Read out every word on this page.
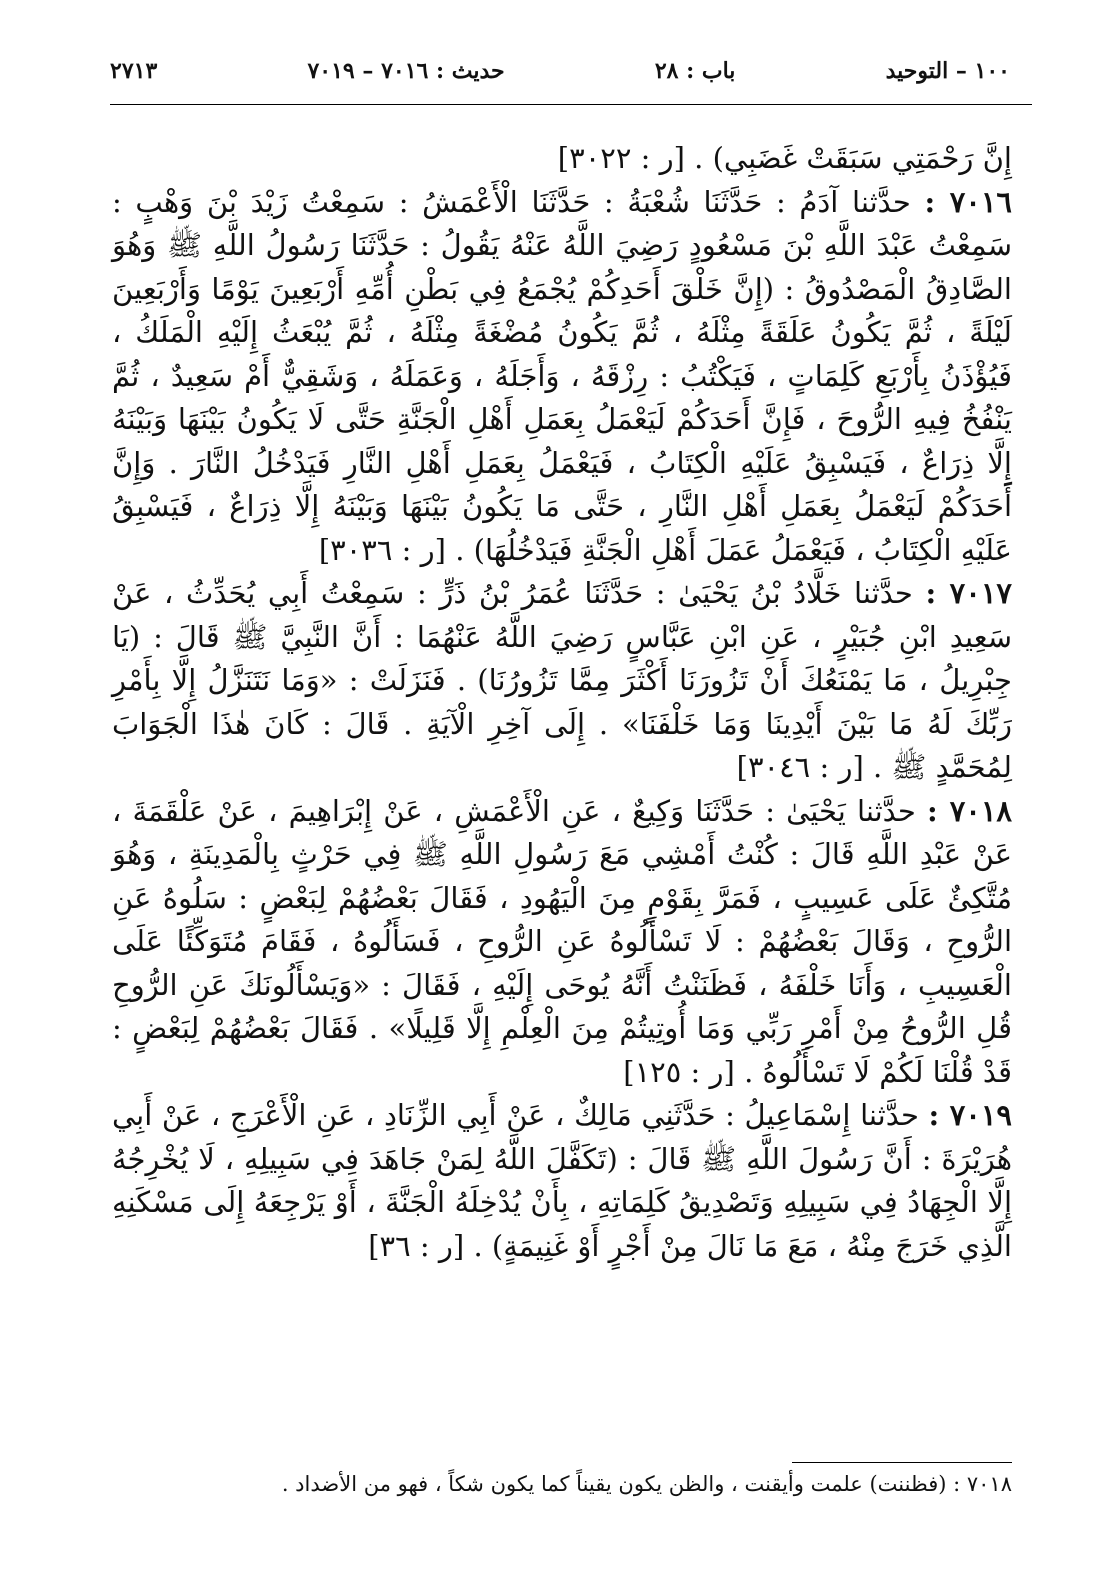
١٠٠ – التوحيد
باب : ٢٨
حديث : ٧٠١٦ – ٧٠١٩
٢٧١٣

إِنَّ رَحْمَتِي سَبَقَتْ غَضَبِي) . [ر : ٣٠٢٢]

٧٠١٦ : حدَّثنا آدَمُ : حَدَّثَنَا شُعْبَةُ : حَدَّثَنَا الْأَعْمَشُ : سَمِعْتُ زَيْدَ بْنَ وَهْبٍ : سَمِعْتُ عَبْدَ اللَّهِ بْنَ مَسْعُودٍ رَضِيَ اللَّهُ عَنْهُ يَقُولُ : حَدَّثَنَا رَسُولُ اللَّهِ ﷺ وَهُوَ الصَّادِقُ الْمَصْدُوقُ : (إِنَّ خَلْقَ أَحَدِكُمْ يُجْمَعُ فِي بَطْنِ أُمِّهِ أَرْبَعِينَ يَوْمًا وَأَرْبَعِينَ لَيْلَةً ، ثُمَّ يَكُونُ عَلَقَةً مِثْلَهُ ، ثُمَّ يَكُونُ مُضْغَةً مِثْلَهُ ، ثُمَّ يُبْعَثُ إِلَيْهِ الْمَلَكُ ، فَيُؤْذَنُ بِأَرْبَعِ كَلِمَاتٍ ، فَيَكْتُبُ : رِزْقَهُ ، وَأَجَلَهُ ، وَعَمَلَهُ ، وَشَقِيٌّ أَمْ سَعِيدٌ ، ثُمَّ يَنْفُخُ فِيهِ الرُّوحَ ، فَإِنَّ أَحَدَكُمْ لَيَعْمَلُ بِعَمَلِ أَهْلِ الْجَنَّةِ حَتَّى لَا يَكُونُ بَيْنَهَا وَبَيْنَهُ إِلَّا ذِرَاعٌ ، فَيَسْبِقُ عَلَيْهِ الْكِتَابُ ، فَيَعْمَلُ بِعَمَلِ أَهْلِ النَّارِ فَيَدْخُلُ النَّارَ . وَإِنَّ أَحَدَكُمْ لَيَعْمَلُ بِعَمَلِ أَهْلِ النَّارِ ، حَتَّى مَا يَكُونُ بَيْنَهَا وَبَيْنَهُ إِلَّا ذِرَاعٌ ، فَيَسْبِقُ عَلَيْهِ الْكِتَابُ ، فَيَعْمَلُ عَمَلَ أَهْلِ الْجَنَّةِ فَيَدْخُلُهَا) . [ر : ٣٠٣٦]

٧٠١٧ : حدَّثنا خَلَّادُ بْنُ يَحْيَىٰ : حَدَّثَنَا عُمَرُ بْنُ ذَرٍّ : سَمِعْتُ أَبِي يُحَدِّثُ ، عَنْ سَعِيدِ ابْنِ جُبَيْرٍ ، عَنِ ابْنِ عَبَّاسٍ رَضِيَ اللَّهُ عَنْهُمَا : أَنَّ النَّبِيَّ ﷺ قَالَ : (يَا جِبْرِيلُ ، مَا يَمْنَعُكَ أَنْ تَزُورَنَا أَكْثَرَ مِمَّا تَزُورُنَا) . فَنَزَلَتْ : «وَمَا نَتَنَزَّلُ إِلَّا بِأَمْرِ رَبِّكَ لَهُ مَا بَيْنَ أَيْدِينَا وَمَا خَلْفَنَا» . إِلَى آخِرِ الْآيَةِ . قَالَ : كَانَ هٰذَا الْجَوَابَ لِمُحَمَّدٍ ﷺ . [ر : ٣٠٤٦]

٧٠١٨ : حدَّثنا يَحْيَىٰ : حَدَّثَنَا وَكِيعٌ ، عَنِ الْأَعْمَشِ ، عَنْ إِبْرَاهِيمَ ، عَنْ عَلْقَمَةَ ، عَنْ عَبْدِ اللَّهِ قَالَ : كُنْتُ أَمْشِي مَعَ رَسُولِ اللَّهِ ﷺ فِي حَرْثٍ بِالْمَدِينَةِ ، وَهُوَ مُتَّكِئٌ عَلَى عَسِيبٍ ، فَمَرَّ بِقَوْمٍ مِنَ الْيَهُودِ ، فَقَالَ بَعْضُهُمْ لِبَعْضٍ : سَلُوهُ عَنِ الرُّوحِ ، وَقَالَ بَعْضُهُمْ : لَا تَسْأَلُوهُ عَنِ الرُّوحِ ، فَسَأَلُوهُ ، فَقَامَ مُتَوَكِّئًا عَلَى الْعَسِيبِ ، وَأَنَا خَلْفَهُ ، فَظَنَنْتُ أَنَّهُ يُوحَى إِلَيْهِ ، فَقَالَ : «وَيَسْأَلُونَكَ عَنِ الرُّوحِ قُلِ الرُّوحُ مِنْ أَمْرِ رَبِّي وَمَا أُوتِيتُمْ مِنَ الْعِلْمِ إِلَّا قَلِيلًا» . فَقَالَ بَعْضُهُمْ لِبَعْضٍ : قَدْ قُلْنَا لَكُمْ لَا تَسْأَلُوهُ . [ر : ١٢٥]

٧٠١٩ : حدَّثنا إِسْمَاعِيلُ : حَدَّثَنِي مَالِكٌ ، عَنْ أَبِي الزِّنَادِ ، عَنِ الْأَعْرَجِ ، عَنْ أَبِي هُرَيْرَةَ : أَنَّ رَسُولَ اللَّهِ ﷺ قَالَ : (تَكَفَّلَ اللَّهُ لِمَنْ جَاهَدَ فِي سَبِيلِهِ ، لَا يُخْرِجُهُ إِلَّا الْجِهَادُ فِي سَبِيلِهِ وَتَصْدِيقُ كَلِمَاتِهِ ، بِأَنْ يُدْخِلَهُ الْجَنَّةَ ، أَوْ يَرْجِعَهُ إِلَى مَسْكَنِهِ الَّذِي خَرَجَ مِنْهُ ، مَعَ مَا نَالَ مِنْ أَجْرٍ أَوْ غَنِيمَةٍ) . [ر : ٣٦]

٧٠١٨ : (فظننت) علمت وأيقنت ، والظن يكون يقيناً كما يكون شكاً ، فهو من الأضداد .
